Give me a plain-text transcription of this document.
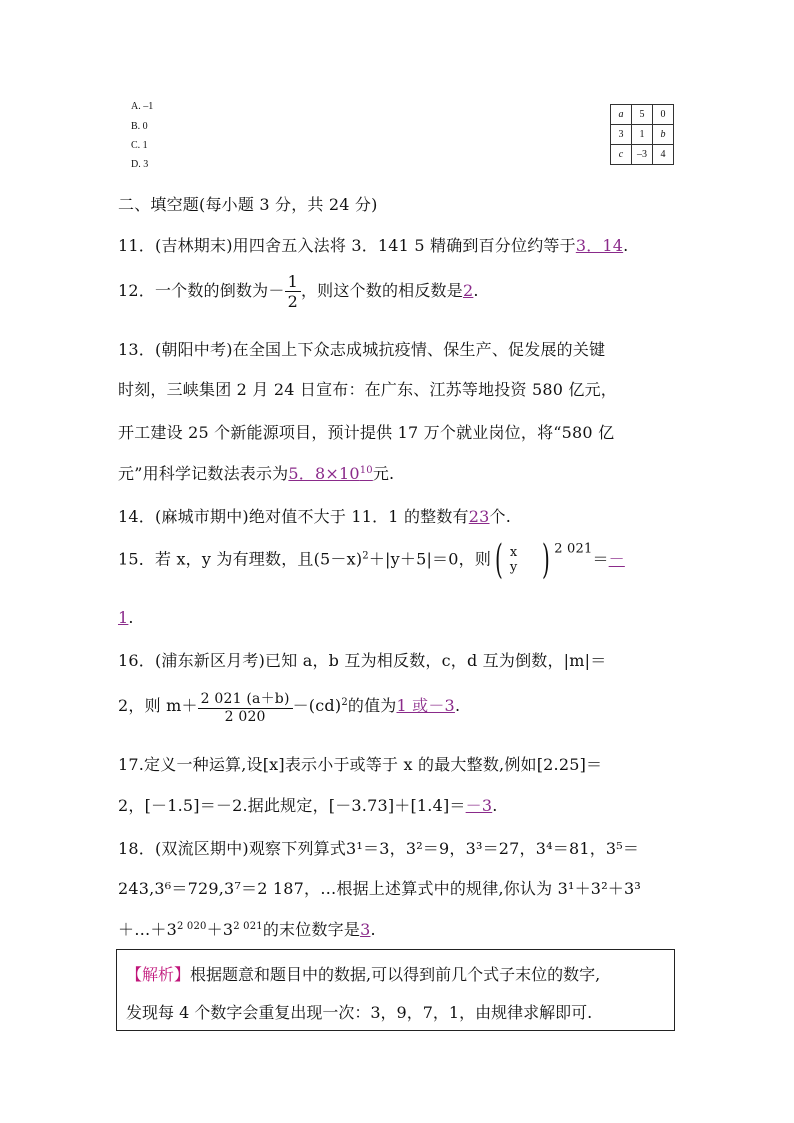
A. –1
B. 0
C. 1
D. 3
a	5	0
3	1	b
c	–3	4
二、填空题(每小题 3 分，共 24 分)
11．(吉林期末)用四舍五入法将 3．141 5 精确到百分位约等于3．14.
12．一个数的倒数为－ $\frac{1}{2}$ ，则这个数的相反数是2.
13．(朝阳中考)在全国上下众志成城抗疫情、保生产、促发展的关键
时刻，三峡集团 2 月 24 日宣布：在广东、江苏等地投资 580 亿元，
开工建设 25 个新能源项目，预计提供 17 万个就业岗位，将“580 亿
元”用科学记数法表示为5．$8\times 10^{10}$元.
14．(麻城市期中)绝对值不大于 11．1 的整数有23个.
15．若 x，y 为有理数，且$(5-x)^2+|y+5|=0$，则( x
y ) $^{2 021}$＝－
1.
16．(浦东新区月考)已知 a，b 互为相反数，c，d 互为倒数，|m|＝
2，则 $m+ \frac{2 021 (a+b)}{2 020} -(cd)^2$的值为1 或－3.
17.定义一种运算,设[x]表示小于或等于 x 的最大整数,例如[2.25]＝
2，[－1.5]＝－2.据此规定，[－3.73]＋[1.4]＝－3.
18．(双流区期中)观察下列算式3¹＝3，3²＝9，3³＝27，3⁴＝81，3⁵＝
243,3⁶＝729,3⁷＝2 187，…根据上述算式中的规律,你认为 3¹＋3²＋3³
$+\dots+3^{2 020}+3^{2 021}$的末位数字是3.
【解析】根据题意和题目中的数据,可以得到前几个式子末位的数字,
发现每 4 个数字会重复出现一次：3，9，7，1，由规律求解即可.
